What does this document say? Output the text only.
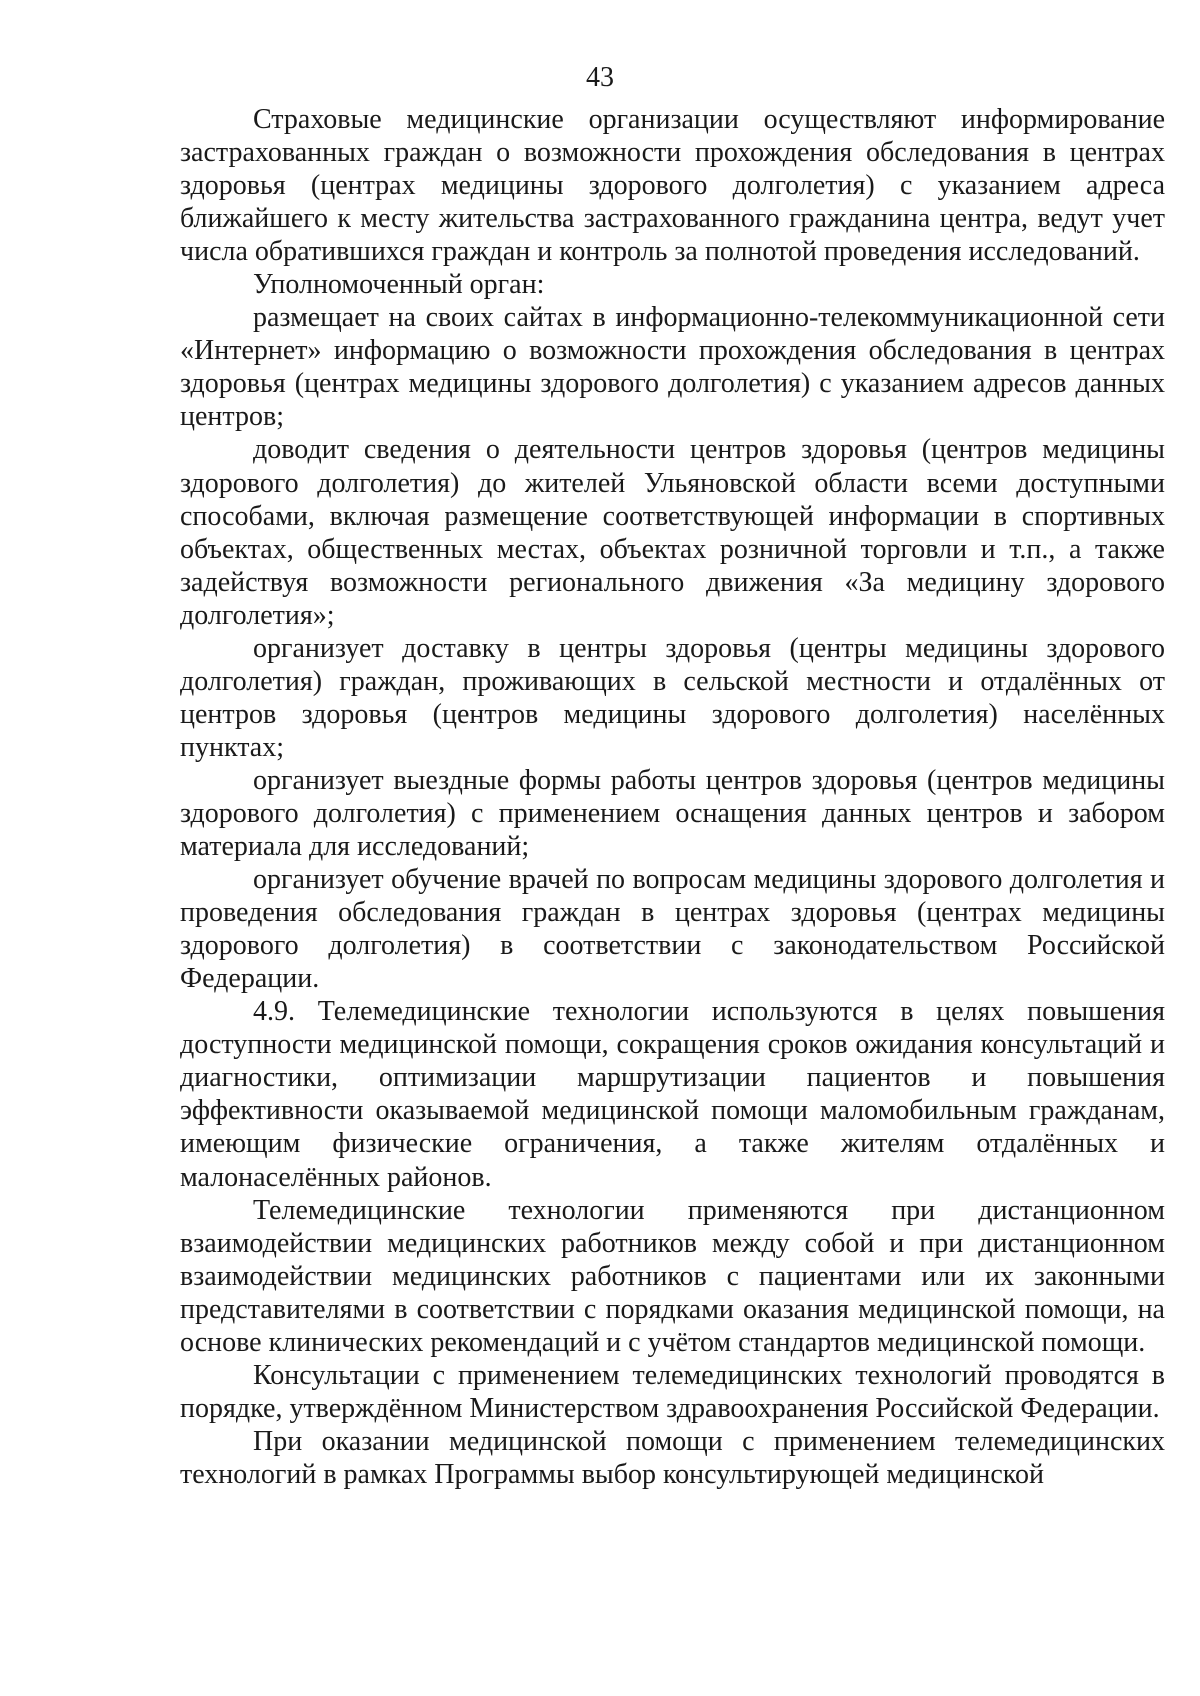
43

Страховые медицинские организации осуществляют информирование застрахованных граждан о возможности прохождения обследования в центрах здоровья (центрах медицины здорового долголетия) с указанием адреса ближайшего к месту жительства застрахованного гражданина центра, ведут учет числа обратившихся граждан и контроль за полнотой проведения исследований.

Уполномоченный орган:

размещает на своих сайтах в информационно-телекоммуникационной сети «Интернет» информацию о возможности прохождения обследования в центрах здоровья (центрах медицины здорового долголетия) с указанием адресов данных центров;

доводит сведения о деятельности центров здоровья (центров медицины здорового долголетия) до жителей Ульяновской области всеми доступными способами, включая размещение соответствующей информации в спортивных объектах, общественных местах, объектах розничной торговли и т.п., а также задействуя возможности регионального движения «За медицину здорового долголетия»;

организует доставку в центры здоровья (центры медицины здорового долголетия) граждан, проживающих в сельской местности и отдалённых от центров здоровья (центров медицины здорового долголетия) населённых пунктах;

организует выездные формы работы центров здоровья (центров медицины здорового долголетия) с применением оснащения данных центров и забором материала для исследований;

организует обучение врачей по вопросам медицины здорового долголетия и проведения обследования граждан в центрах здоровья (центрах медицины здорового долголетия) в соответствии с законодательством Российской Федерации.

4.9. Телемедицинские технологии используются в целях повышения доступности медицинской помощи, сокращения сроков ожидания консультаций и диагностики, оптимизации маршрутизации пациентов и повышения эффективности оказываемой медицинской помощи маломобильным гражданам, имеющим физические ограничения, а также жителям отдалённых и малонаселённых районов.

Телемедицинские технологии применяются при дистанционном взаимодействии медицинских работников между собой и при дистанционном взаимодействии медицинских работников с пациентами или их законными представителями в соответствии с порядками оказания медицинской помощи, на основе клинических рекомендаций и с учётом стандартов медицинской помощи.

Консультации с применением телемедицинских технологий проводятся в порядке, утверждённом Министерством здравоохранения Российской Федерации.

При оказании медицинской помощи с применением телемедицинских технологий в рамках Программы выбор консультирующей медицинской
